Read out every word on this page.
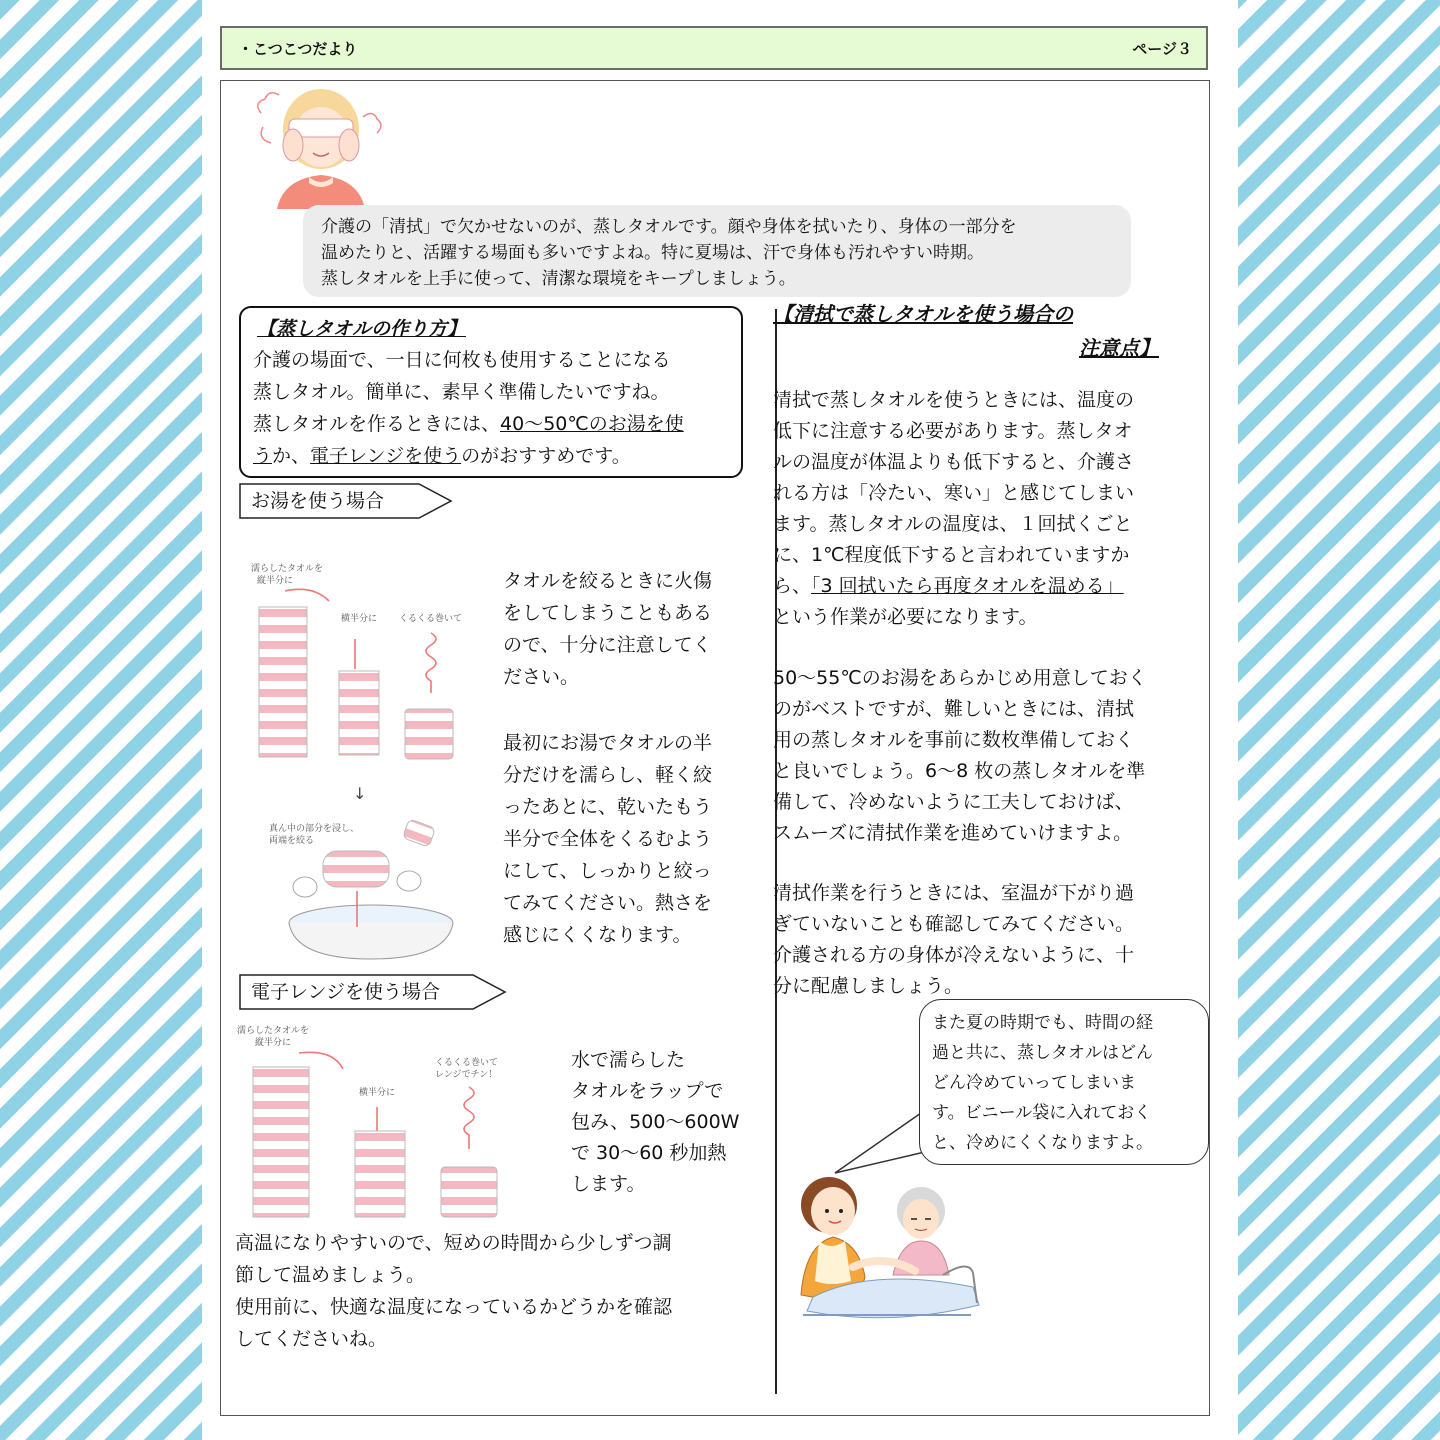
・こつこつだより	ページ３
介護の「清拭」で欠かせないのが、蒸しタオルです。顔や身体を拭いたり、身体の一部分を
温めたりと、活躍する場面も多いですよね。特に夏場は、汗で身体も汚れやすい時期。
蒸しタオルを上手に使って、清潔な環境をキープしましょう。
【蒸しタオルの作り方】
介護の場面で、一日に何枚も使用することになる
蒸しタオル。簡単に、素早く準備したいですね。
蒸しタオルを作るときには、40～50℃のお湯を使
うか、電子レンジを使うのがおすすめです。
お湯を使う場合
濡らしたタオルを
縦半分に
横半分に くるくる巻いて
↓
真ん中の部分を浸し、
両端を絞る
タオルを絞るときに火傷
をしてしまうこともある
ので、十分に注意してく
ださい。
最初にお湯でタオルの半
分だけを濡らし、軽く絞
ったあとに、乾いたもう
半分で全体をくるむよう
にして、しっかりと絞っ
てみてください。熱さを
感じにくくなります。
電子レンジを使う場合
濡らしたタオルを
縦半分に
横半分に
くるくる巻いて
レンジでチン！
水で濡らした
タオルをラップで
包み、500～600W
で 30～60 秒加熱
します。
高温になりやすいので、短めの時間から少しずつ調
節して温めましょう。
使用前に、快適な温度になっているかどうかを確認
してくださいね。
【清拭で蒸しタオルを使う場合の
注意点】
清拭で蒸しタオルを使うときには、温度の
低下に注意する必要があります。蒸しタオ
ルの温度が体温よりも低下すると、介護さ
れる方は「冷たい、寒い」と感じてしまい
ます。蒸しタオルの温度は、１回拭くごと
に、1℃程度低下すると言われていますか
ら、「3 回拭いたら再度タオルを温める」
という作業が必要になります。
50～55℃のお湯をあらかじめ用意しておく
のがベストですが、難しいときには、清拭
用の蒸しタオルを事前に数枚準備しておく
と良いでしょう。6～8 枚の蒸しタオルを準
備して、冷めないように工夫しておけば、
スムーズに清拭作業を進めていけますよ。
清拭作業を行うときには、室温が下がり過
ぎていないことも確認してみてください。
介護される方の身体が冷えないように、十
分に配慮しましょう。
また夏の時期でも、時間の経
過と共に、蒸しタオルはどん
どん冷めていってしまいま
す。ビニール袋に入れておく
と、冷めにくくなりますよ。
